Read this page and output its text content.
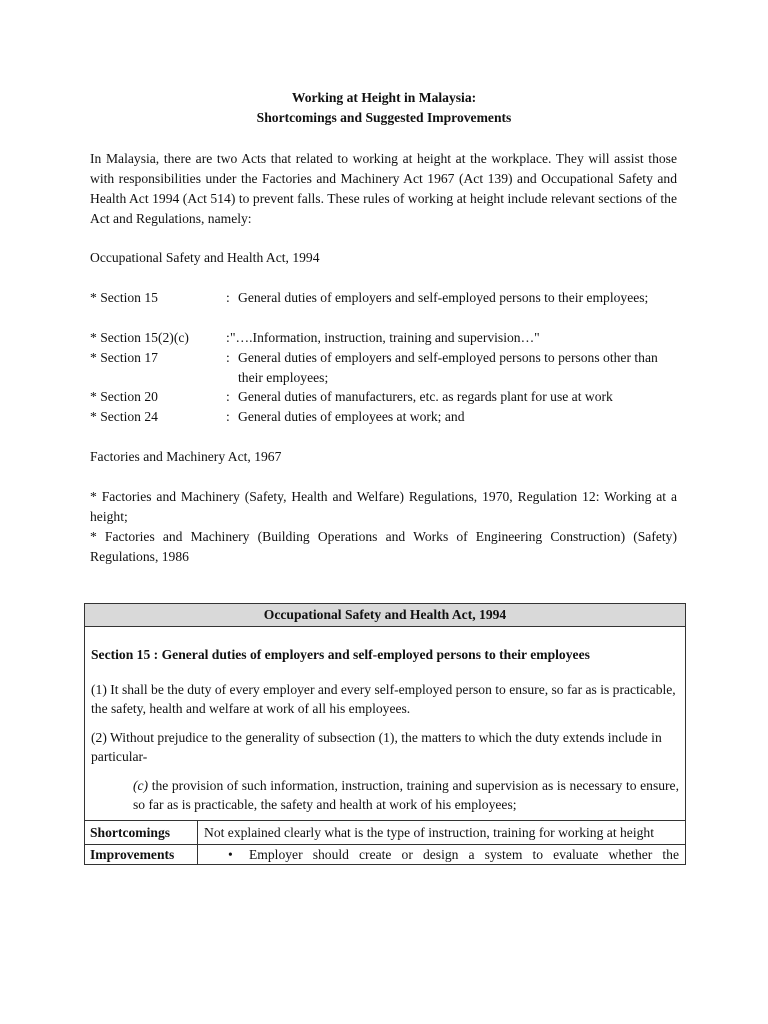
Working at Height in Malaysia:
Shortcomings and Suggested Improvements
In Malaysia, there are two Acts that related to working at height at the workplace. They will assist those with responsibilities under the Factories and Machinery Act 1967 (Act 139) and Occupational Safety and Health Act 1994 (Act 514) to prevent falls. These rules of working at height include relevant sections of the Act and Regulations, namely:
Occupational Safety and Health Act, 1994
* Section 15	: General duties of employers and self-employed persons to their employees;
* Section 15(2)(c)	: "….Information, instruction, training and supervision…"
* Section 17	: General duties of employers and self-employed persons to persons other than their employees;
* Section 20	: General duties of manufacturers, etc. as regards plant for use at work
* Section 24	: General duties of employees at work; and
Factories and Machinery Act, 1967
* Factories and Machinery (Safety, Health and Welfare) Regulations, 1970, Regulation 12: Working at a height;
* Factories and Machinery (Building Operations and Works of Engineering Construction) (Safety) Regulations, 1986
Occupational Safety and Health Act, 1994	

Section 15 : General duties of employers and self-employed persons to their employees

(1) It shall be the duty of every employer and every self-employed person to ensure, so far as is practicable, the safety, health and welfare at work of all his employees.

(2) Without prejudice to the generality of subsection (1), the matters to which the duty extends include in particular-

(c) the provision of such information, instruction, training and supervision as is necessary to ensure, so far as is practicable, the safety and health at work of his employees;	

Shortcomings	Not explained clearly what is the type of instruction, training for working at height
Improvements	• Employer should create or design a system to evaluate whether the
